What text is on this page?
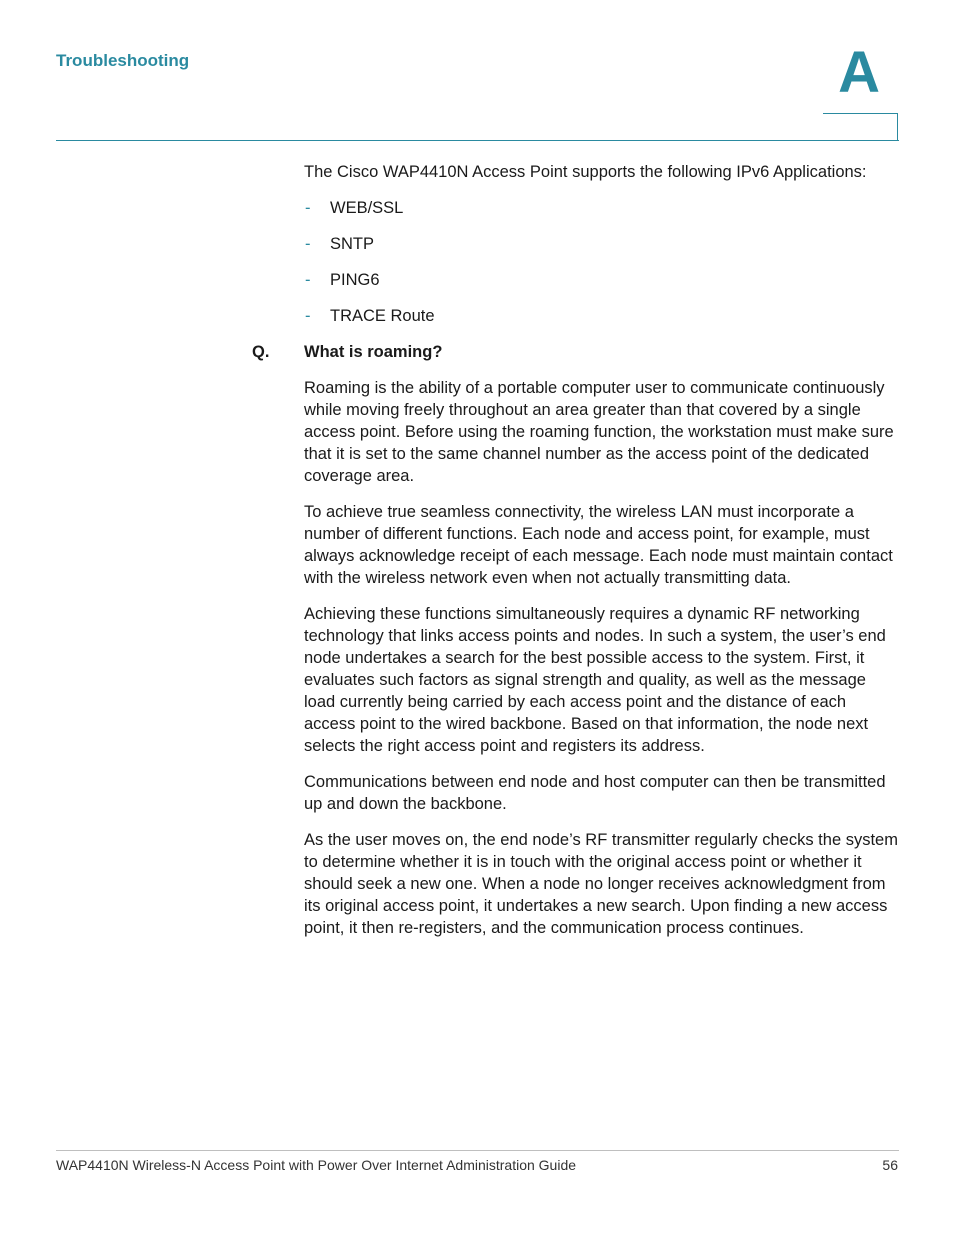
Troubleshooting	A

The Cisco WAP4410N Access Point supports the following IPv6 Applications:

- WEB/SSL
- SNTP
- PING6
- TRACE Route
Q. What is roaming?

Roaming is the ability of a portable computer user to communicate continuously while moving freely throughout an area greater than that covered by a single access point. Before using the roaming function, the workstation must make sure that it is set to the same channel number as the access point of the dedicated coverage area.

To achieve true seamless connectivity, the wireless LAN must incorporate a number of different functions. Each node and access point, for example, must always acknowledge receipt of each message. Each node must maintain contact with the wireless network even when not actually transmitting data.

Achieving these functions simultaneously requires a dynamic RF networking technology that links access points and nodes. In such a system, the user’s end node undertakes a search for the best possible access to the system. First, it evaluates such factors as signal strength and quality, as well as the message load currently being carried by each access point and the distance of each access point to the wired backbone. Based on that information, the node next selects the right access point and registers its address.

Communications between end node and host computer can then be transmitted up and down the backbone.

As the user moves on, the end node’s RF transmitter regularly checks the system to determine whether it is in touch with the original access point or whether it should seek a new one. When a node no longer receives acknowledgment from its original access point, it undertakes a new search. Upon finding a new access point, it then re-registers, and the communication process continues.

WAP4410N Wireless-N Access Point with Power Over Internet Administration Guide	56
